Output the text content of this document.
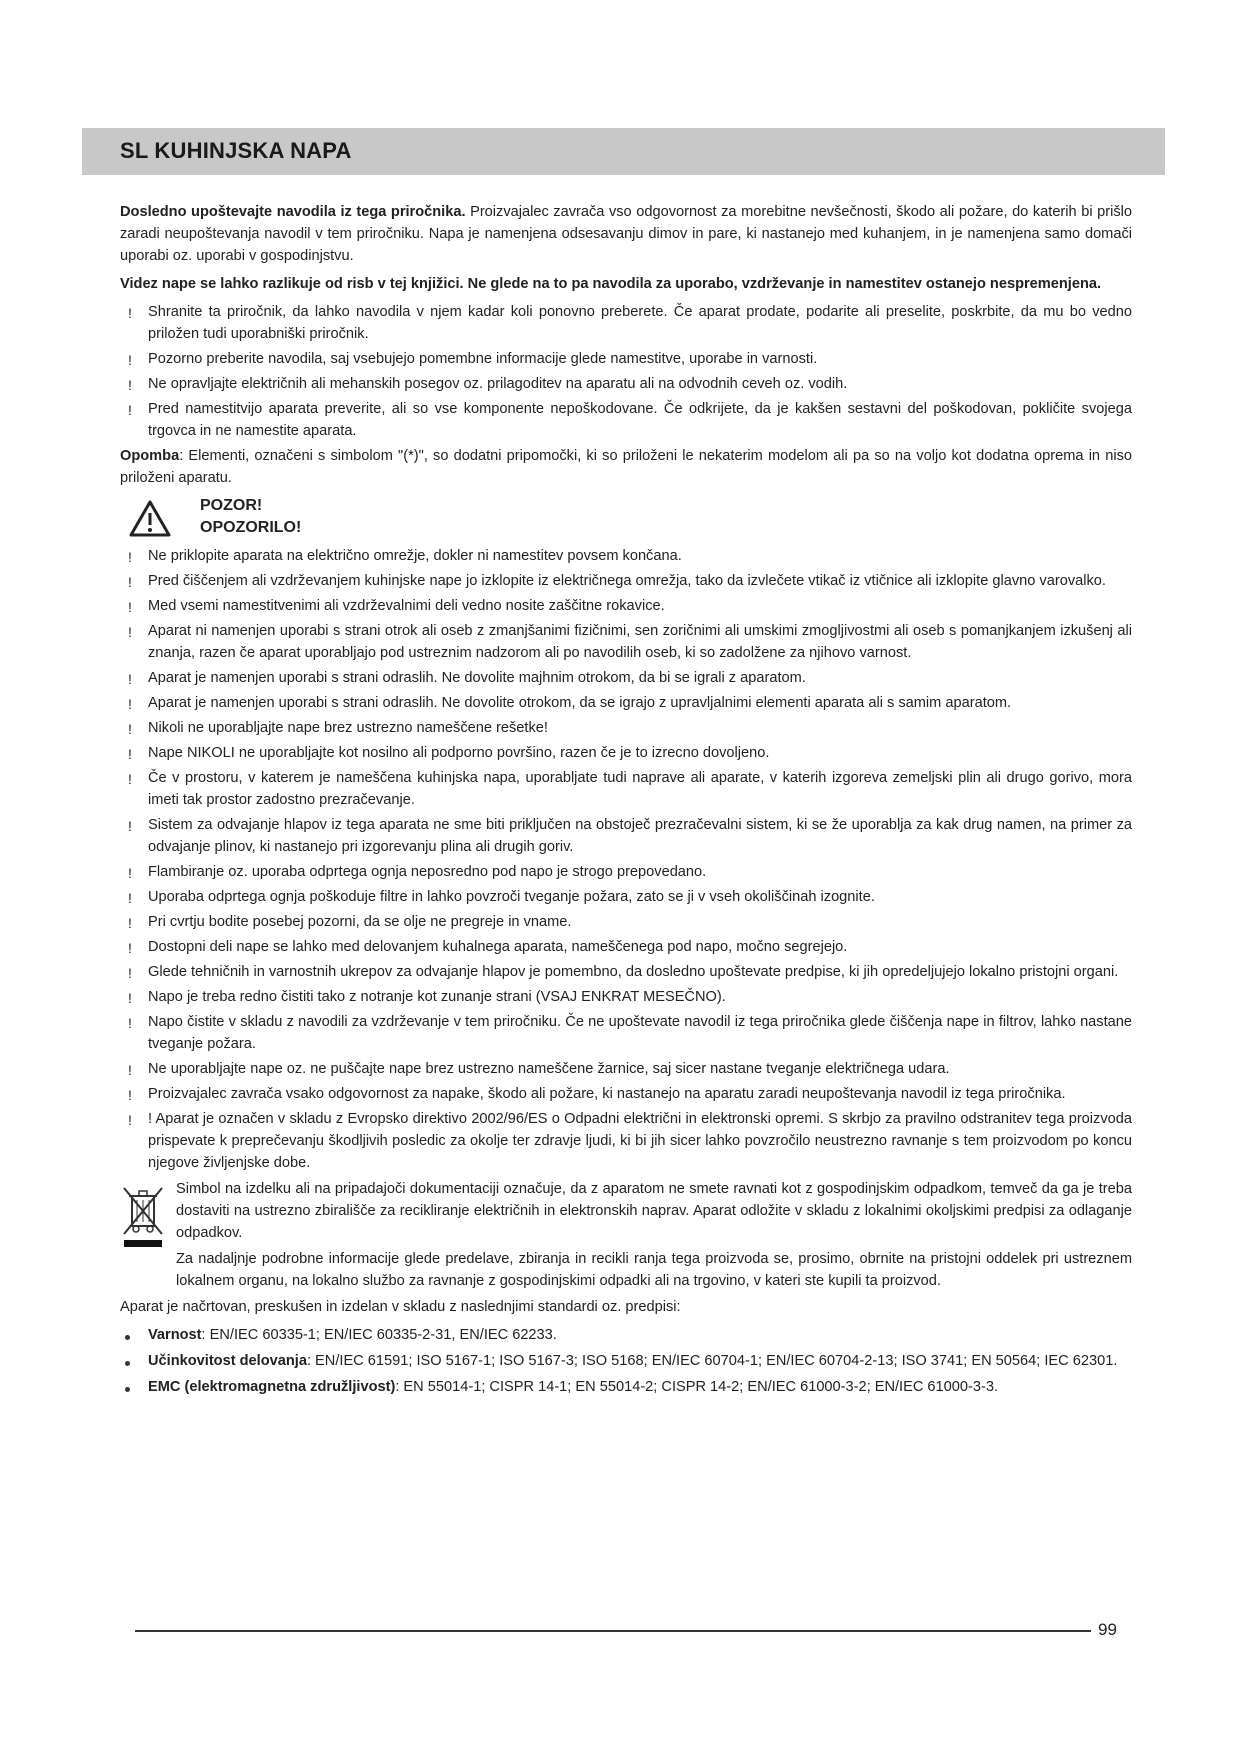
SL KUHINJSKA NAPA

Dosledno upoštevajte navodila iz tega priročnika. Proizvajalec zavrača vso odgovornost za morebitne nevšečnosti, škodo ali požare, do katerih bi prišlo zaradi neupoštevanja navodil v tem priročniku. Napa je namenjena odsesavanju dimov in pare, ki nastanejo med kuhanjem, in je namenjena samo domači uporabi oz. uporabi v gospodinjstvu.

Videz nape se lahko razlikuje od risb v tej knjižici. Ne glede na to pa navodila za uporabo, vzdrževanje in namestitev ostanejo nespremenjena.

! Shranite ta priročnik, da lahko navodila v njem kadar koli ponovno preberete. Če aparat prodate, podarite ali preselite, poskrbite, da mu bo vedno priložen tudi uporabniški priročnik.
! Pozorno preberite navodila, saj vsebujejo pomembne informacije glede namestitve, uporabe in varnosti.
! Ne opravljajte električnih ali mehanskih posegov oz. prilagoditev na aparatu ali na odvodnih ceveh oz. vodih.
! Pred namestitvijo aparata preverite, ali so vse komponente nepoškodovane. Če odkrijete, da je kakšen sestavni del poškodovan, pokličite svojega trgovca in ne namestite aparata.

Opomba: Elementi, označeni s simbolom "(*)", so dodatni pripomočki, ki so priloženi le nekaterim modelom ali pa so na voljo kot dodatna oprema in niso priloženi aparatu.

POZOR!
OPOZORILO!
! Ne priklopite aparata na električno omrežje, dokler ni namestitev povsem končana.
! Pred čiščenjem ali vzdrževanjem kuhinjske nape jo izklopite iz električnega omrežja, tako da izvlečete vtikač iz vtičnice ali izklopite glavno varovalko.
! Med vsemi namestitvenimi ali vzdrževalnimi deli vedno nosite zaščitne rokavice.
! Aparat ni namenjen uporabi s strani otrok ali oseb z zmanjšanimi fizičnimi, sen zoričnimi ali umskimi zmogljivostmi ali oseb s pomanjkanjem izkušenj ali znanja, razen če aparat uporabljajo pod ustreznim nadzorom ali po navodilih oseb, ki so zadolžene za njihovo varnost.
! Aparat je namenjen uporabi s strani odraslih. Ne dovolite majhnim otrokom, da bi se igrali z aparatom.
! Aparat je namenjen uporabi s strani odraslih. Ne dovolite otrokom, da se igrajo z upravljalnimi elementi aparata ali s samim aparatom.
! Nikoli ne uporabljajte nape brez ustrezno nameščene rešetke!
! Nape NIKOLI ne uporabljajte kot nosilno ali podporno površino, razen če je to izrecno dovoljeno.
! Če v prostoru, v katerem je nameščena kuhinjska napa, uporabljate tudi naprave ali aparate, v katerih izgoreva zemeljski plin ali drugo gorivo, mora imeti tak prostor zadostno prezračevanje.
! Sistem za odvajanje hlapov iz tega aparata ne sme biti priključen na obstoječ prezračevalni sistem, ki se že uporablja za kak drug namen, na primer za odvajanje plinov, ki nastanejo pri izgorevanju plina ali drugih goriv.
! Flambiranje oz. uporaba odprtega ognja neposredno pod napo je strogo prepovedano.
! Uporaba odprtega ognja poškoduje filtre in lahko povzroči tveganje požara, zato se ji v vseh okoliščinah izognite.
! Pri cvrtju bodite posebej pozorni, da se olje ne pregreje in vname.
! Dostopni deli nape se lahko med delovanjem kuhalnega aparata, nameščenega pod napo, močno segrejejo.
! Glede tehničnih in varnostnih ukrepov za odvajanje hlapov je pomembno, da dosledno upoštevate predpise, ki jih opredeljujejo lokalno pristojni organi.
! Napo je treba redno čistiti tako z notranje kot zunanje strani (VSAJ ENKRAT MESEČNO).
! Napo čistite v skladu z navodili za vzdrževanje v tem priročniku. Če ne upoštevate navodil iz tega priročnika glede čiščenja nape in filtrov, lahko nastane tveganje požara.
! Ne uporabljajte nape oz. ne puščajte nape brez ustrezno nameščene žarnice, saj sicer nastane tveganje električnega udara.
! Proizvajalec zavrača vsako odgovornost za napake, škodo ali požare, ki nastanejo na aparatu zaradi neupoštevanja navodil iz tega priročnika.
! ! Aparat je označen v skladu z Evropsko direktivo 2002/96/ES o Odpadni električni in elektronski opremi. S skrbjo za pravilno odstranitev tega proizvoda prispevate k preprečevanju škodljivih posledic za okolje ter zdravje ljudi, ki bi jih sicer lahko povzročilo neustrezno ravnanje s tem proizvodom po koncu njegove življenjske dobe.

Simbol na izdelku ali na pripadajoči dokumentaciji označuje, da z aparatom ne smete ravnati kot z gospodinjskim odpadkom, temveč da ga je treba dostaviti na ustrezno zbirališče za recikliranje električnih in elektronskih naprav. Aparat odložite v skladu z lokalnimi okoljskimi predpisi za odlaganje odpadkov.

Za nadaljnje podrobne informacije glede predelave, zbiranja in recikli ranja tega proizvoda se, prosimo, obrnite na pristojni oddelek pri ustreznem lokalnem organu, na lokalno službo za ravnanje z gospodinjskimi odpadki ali na trgovino, v kateri ste kupili ta proizvod.

Aparat je načrtovan, preskušen in izdelan v skladu z naslednjimi standardi oz. predpisi:

Varnost: EN/IEC 60335-1; EN/IEC 60335-2-31, EN/IEC 62233.
Učinkovitost delovanja: EN/IEC 61591; ISO 5167-1; ISO 5167-3; ISO 5168; EN/IEC 60704-1; EN/IEC 60704-2-13; ISO 3741; EN 50564; IEC 62301.
EMC (elektromagnetna združljivost): EN 55014-1; CISPR 14-1; EN 55014-2; CISPR 14-2; EN/IEC 61000-3-2; EN/IEC 61000-3-3.
99
